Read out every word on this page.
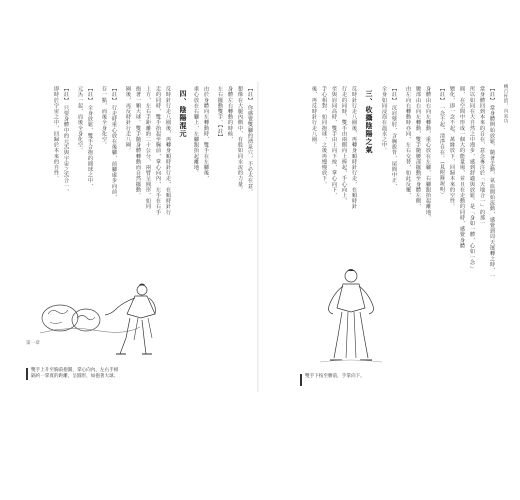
第一章
【註】 你感覺雙腳的湧泉穴，不必太在意。
想像在大腿內側中，有股如同水流的力量。
身體左右轉動的時候，
左右擺動雙手。【註】
由於身體向左轉動時，雙手在左腳後，
重心放在右腳上，左腳跟抬起離地。
四、陰陽混元
反時針行走八圈後，再轉身順時針行走，在順時針行
走的同時，雙手抬起至胸前，掌心向內，左手在右手
上方，左右手距離約二十公分，兩臂呈圓形，如同
抱著一顆大球。雙手隨身體轉動而自然擺動。
圈後，再反時針行走八圈。
【註】 行走時重心放在後腳，前腳虛步向前，
存一點，而後全身化空。
【註】 全身放鬆，雙手合抱的圓球之中，
元炁一起，而後全身化空。
【註】 只要身體中的元炁與宇宙之炁合一，
即時於宇宙之中，回歸於本來的自性。
雙手上升至胸前抱圓，掌心向內，左右手相
隔約一掌寬的距離，呈圓形，如抱著大球。
轉自性的，內氣功
【註】 當身體開始放鬆，隨著走動，氣血開始流動，感覺到周天運轉之時，一
當身體回到本來的自在，意念專注於「天地合一」的那一
所以如同在大自然之中漫步，感到舒適與放鬆。是「身如一體，心如一念」
圓，在空間中形成一個大的能量場，並且在走動的同時，感覺身體
變化，即一念不起，萬緣放下，回歸本來的空性。
【註】 一念不起，清淨自在。（見附錄說明）
身體由右向左轉動，重心放在左腳，右腳跟抬起離地，
腰部由右向左轉動，雙手隨腰部擺動至身體左側，
由左向右轉動時亦同，左右交替，如此反覆，
【註】 沉肩墜肘，含胸拔背，尾閭中正，
全身如同浸泡在溫水之中。
三、收攝陰陽之氣
反時針行走八圈後，再轉身順時針行走，在順時針
行走的同時，雙手由兩側向上捧起，手心向上，
至與肩同高時，雙手由上向下按，掌心向下，
手心相對，如同抱球，之後再慢慢放下。
後，再反時針行走八圈。
雙手下按至臍前，手掌向下。
